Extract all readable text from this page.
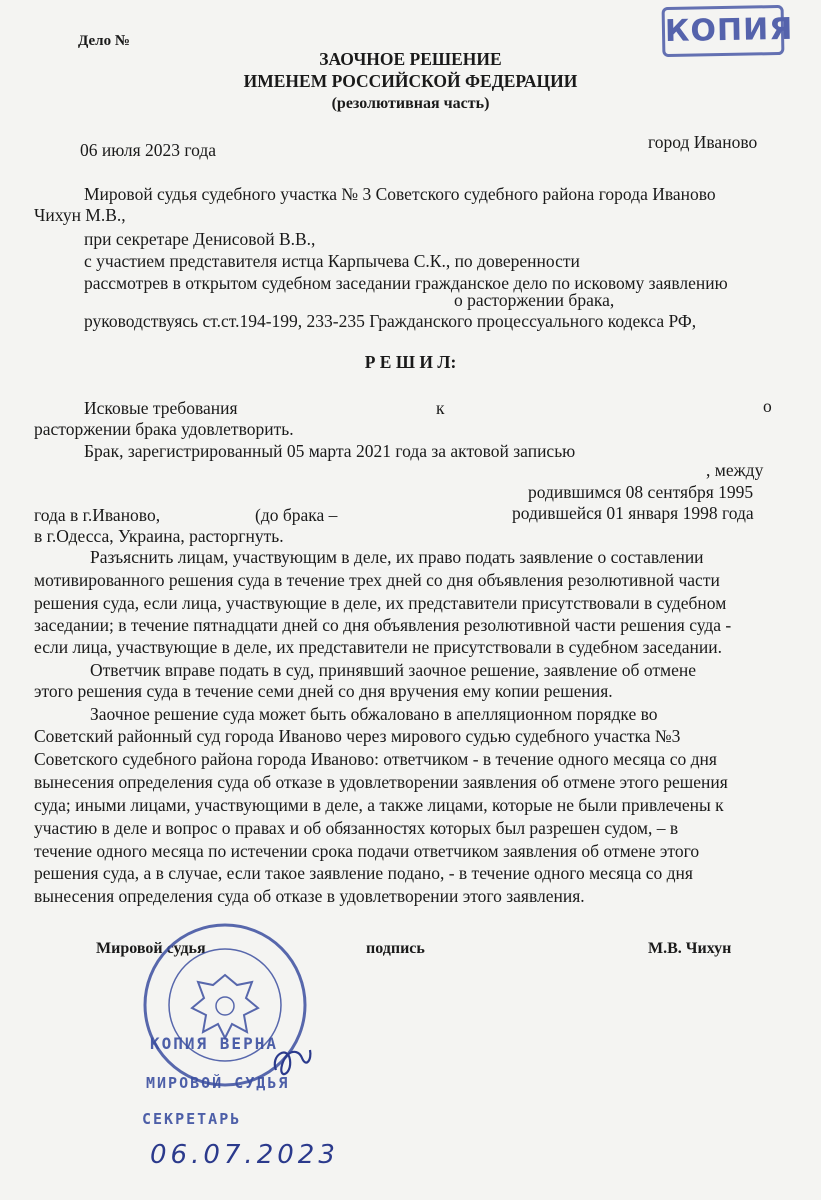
Дело №	КОПИЯ
ЗАОЧНОЕ РЕШЕНИЕ
ИМЕНЕМ РОССИЙСКОЙ ФЕДЕРАЦИИ
(резолютивная часть)
06 июля 2023 года	город Иваново
Мировой судья судебного участка № 3 Советского судебного района города Иваново
Чихун М.В.,
при секретаре Денисовой В.В.,
с участием представителя истца Карпычева С.К., по доверенности
рассмотрев в открытом судебном заседании гражданское дело по исковому заявлению
о расторжении брака,
руководствуясь ст.ст.194-199, 233-235 Гражданского процессуального кодекса РФ,
Р Е Ш И Л:
Исковые требования	к	о
расторжении брака удовлетворить.
Брак, зарегистрированный 05 марта 2021 года за актовой записью
, между
родившимся 08 сентября 1995
года в г.Иваново,	(до брака –	родившейся 01 января 1998 года
в г.Одесса, Украина, расторгнуть.
Разъяснить лицам, участвующим в деле, их право подать заявление о составлении
мотивированного решения суда в течение трех дней со дня объявления резолютивной части
решения суда, если лица, участвующие в деле, их представители присутствовали в судебном
заседании; в течение пятнадцати дней со дня объявления резолютивной части решения суда -
если лица, участвующие в деле, их представители не присутствовали в судебном заседании.
Ответчик вправе подать в суд, принявший заочное решение, заявление об отмене
этого решения суда в течение семи дней со дня вручения ему копии решения.
Заочное решение суда может быть обжаловано в апелляционном порядке во
Советский районный суд города Иваново через мирового судью судебного участка №3
Советского судебного района города Иваново: ответчиком - в течение одного месяца со дня
вынесения определения суда об отказе в удовлетворении заявления об отмене этого решения
суда; иными лицами, участвующими в деле, а также лицами, которые не были привлечены к
участию в деле и вопрос о правах и об обязанностях которых был разрешен судом, – в
течение одного месяца по истечении срока подачи ответчиком заявления об отмене этого
решения суда, а в случае, если такое заявление подано, - в течение одного месяца со дня
вынесения определения суда об отказе в удовлетворении этого заявления.
Мировой судья	подпись	М.В. Чихун
КОПИЯ ВЕРНА
МИРОВОЙ СУДЬЯ
СЕКРЕТАРЬ
06.07.2023
